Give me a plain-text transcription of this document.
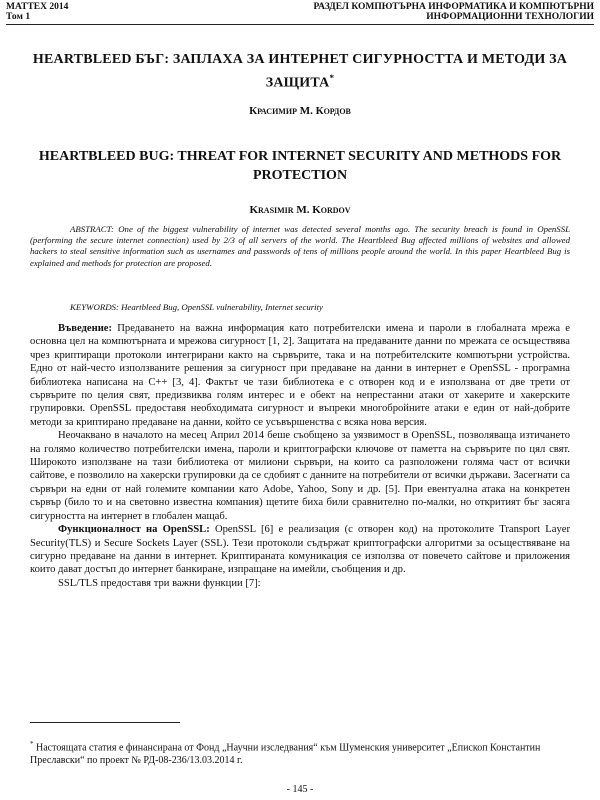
MATTEX 2014
Том 1
РАЗДЕЛ КОМПЮТЪРНА ИНФОРМАТИКА И КОМПЮТЪРНИ
ИНФОРМАЦИОННИ ТЕХНОЛОГИИ
HEARTBLEED БЪГ: ЗАПЛАХА ЗА ИНТЕРНЕТ СИГУРНОСТТА И МЕТОДИ ЗА ЗАЩИТА*
Красимир М. Кордов
HEARTBLEED BUG: THREAT FOR INTERNET SECURITY AND METHODS FOR PROTECTION
Krasimir M. Kordov
ABSTRACT: One of the biggest vulnerability of internet was detected several months ago. The security breach is found in OpenSSL (performing the secure internet connection) used by 2/3 of all servers of the world. The Heartbleed Bug affected millions of websites and allowed hackers to steal sensitive information such as usernames and passwords of tens of millions people around the world. In this paper Heartbleed Bug is explained and methods for protection are proposed.
KEYWORDS: Heartbleed Bug, OpenSSL vulnerability, Internet security

Въведение: Предаването на важна информация като потребителски имена и пароли в глобалната мрежа е основна цел на компютърната и мрежова сигурност [1, 2]. Защитата на предаваните данни по мрежата се осъществява чрез криптиращи протоколи интегрирани както на сървърите, така и на потребителските компютърни устройства. Едно от най-често използваните решения за сигурност при предаване на данни в интернет е OpenSSL - програмна библиотека написана на C++ [3, 4]. Фактът че тази библиотека е с отворен код и е използвана от две трети от сървърите по целия свят, предизвиква голям интерес и е обект на непрестанни атаки от хакерите и хакерските групировки. OpenSSL предоставя необходимата сигурност и въпреки многобройните атаки е един от най-добрите методи за криптирано предаване на данни, който се усъвършенства с всяка нова версия.

Неочаквано в началото на месец Април 2014 беше съобщено за уязвимост в OpenSSL, позволяваща изтичането на голямо количество потребителски имена, пароли и криптографски ключове от паметта на сървърите по цял свят. Широкото използване на тази библиотека от милиони сървъри, на които са разположени голяма част от всички сайтове, е позволило на хакерски групировки да се сдобият с данните на потребители от всички държави. Засегнати са сървъри на едни от най големите компании като Adobe, Yahoo, Sony и др. [5]. При евентуална атака на конкретен сървър (било то и на световно известна компания) щетите биха били сравнително по-малки, но откритият бъг засяга сигурността на интернет в глобален мащаб.

Функционалност на OpenSSL: OpenSSL [6] е реализация (с отворен код) на протоколите Transport Layer Security(TLS) и Secure Sockets Layer (SSL). Тези протоколи съдържат криптографски алгоритми за осъществяване на сигурно предаване на данни в интернет. Криптираната комуникация се използва от повечето сайтове и приложения които дават достъп до интернет банкиране, изпращане на имейли, съобщения и др.

SSL/TLS предоставя три важни функции [7]:

* Настоящата статия е финансирана от Фонд „Научни изследвания“ към Шуменския университет „Епископ Константин Преславски“ по проект № РД-08-236/13.03.2014 г.
- 145 -
